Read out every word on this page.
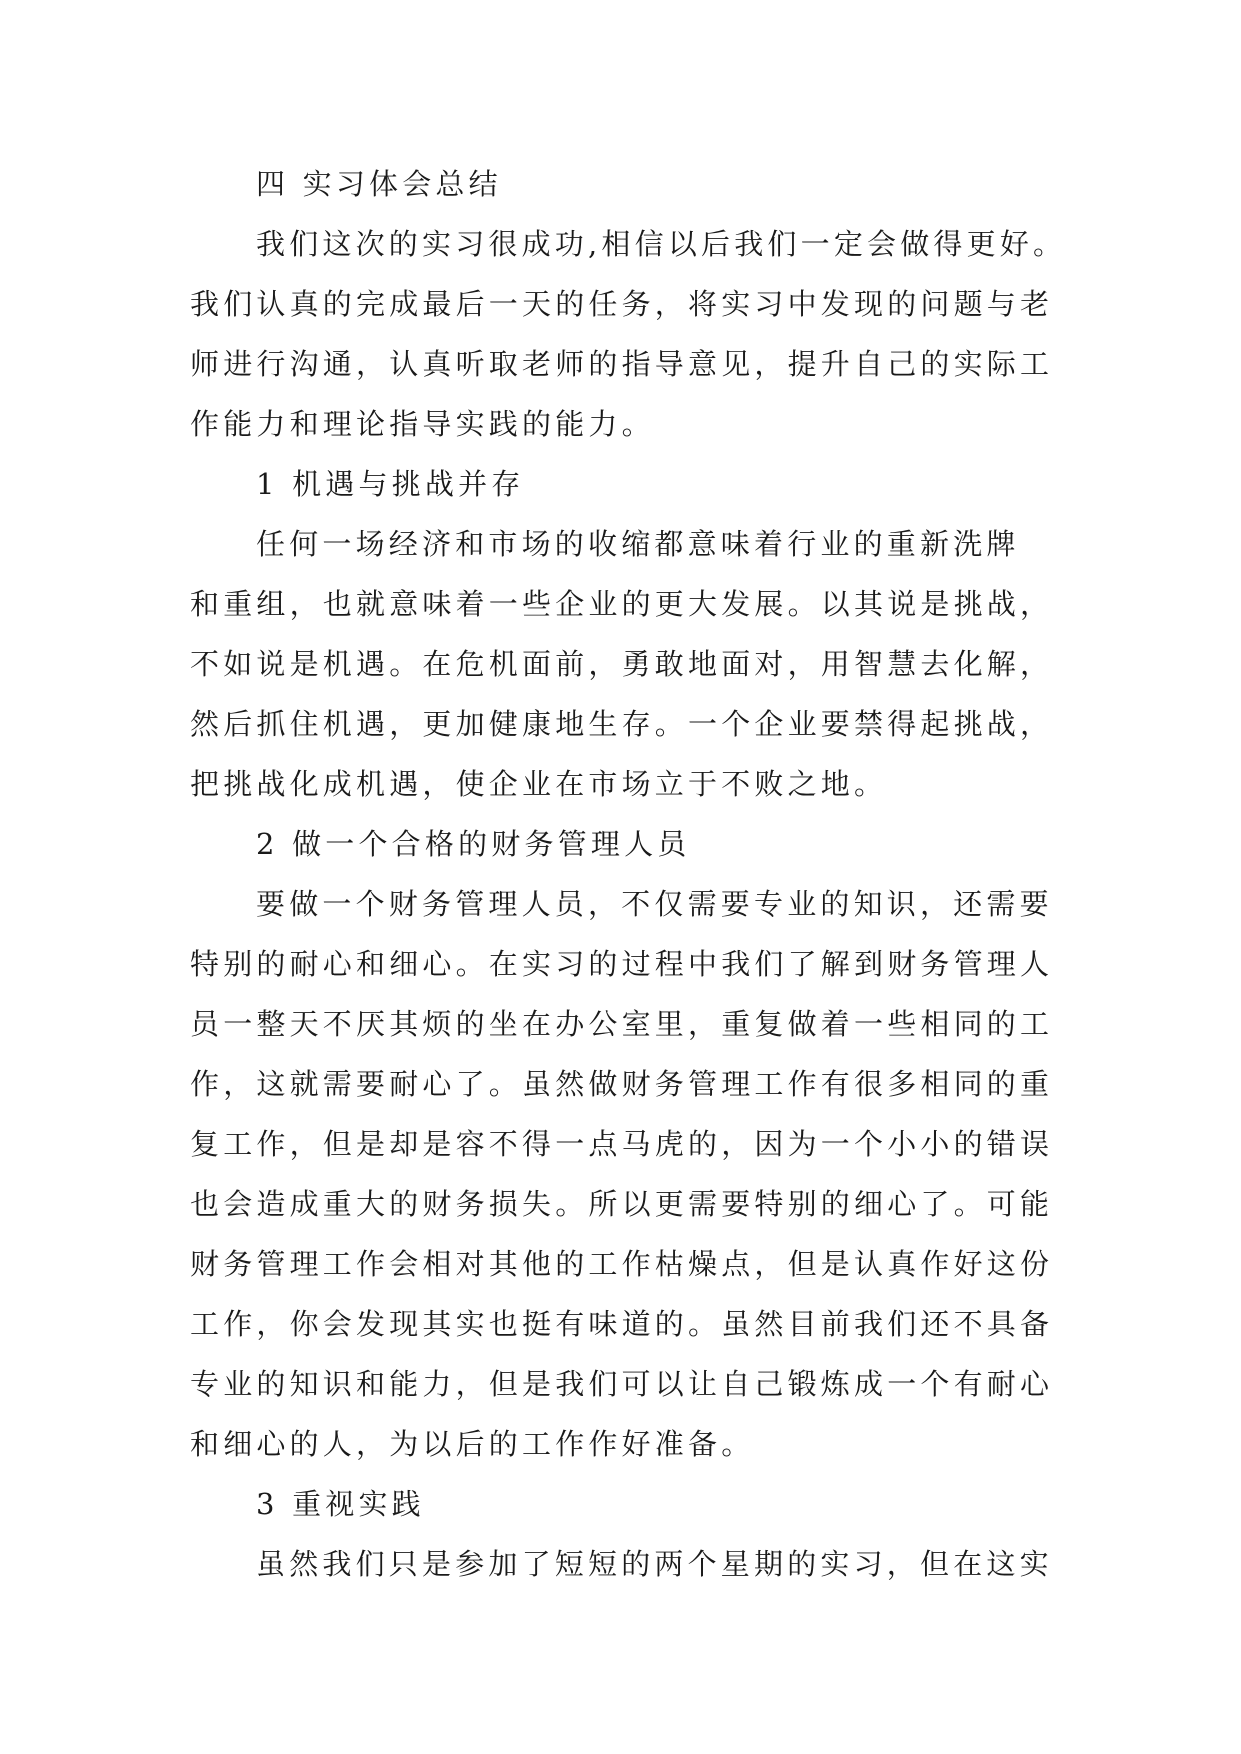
四 实习体会总结
我们这次的实习很成功,相信以后我们一定会做得更好。
我们认真的完成最后一天的任务，将实习中发现的问题与老
师进行沟通，认真听取老师的指导意见，提升自己的实际工
作能力和理论指导实践的能力。
1 机遇与挑战并存
任何一场经济和市场的收缩都意味着行业的重新洗牌
和重组，也就意味着一些企业的更大发展。以其说是挑战，
不如说是机遇。在危机面前，勇敢地面对，用智慧去化解，
然后抓住机遇，更加健康地生存。一个企业要禁得起挑战，
把挑战化成机遇，使企业在市场立于不败之地。
2 做一个合格的财务管理人员
要做一个财务管理人员，不仅需要专业的知识，还需要
特别的耐心和细心。在实习的过程中我们了解到财务管理人
员一整天不厌其烦的坐在办公室里，重复做着一些相同的工
作，这就需要耐心了。虽然做财务管理工作有很多相同的重
复工作，但是却是容不得一点马虎的，因为一个小小的错误
也会造成重大的财务损失。所以更需要特别的细心了。可能
财务管理工作会相对其他的工作枯燥点，但是认真作好这份
工作，你会发现其实也挺有味道的。虽然目前我们还不具备
专业的知识和能力，但是我们可以让自己锻炼成一个有耐心
和细心的人，为以后的工作作好准备。
3 重视实践
虽然我们只是参加了短短的两个星期的实习，但在这实
